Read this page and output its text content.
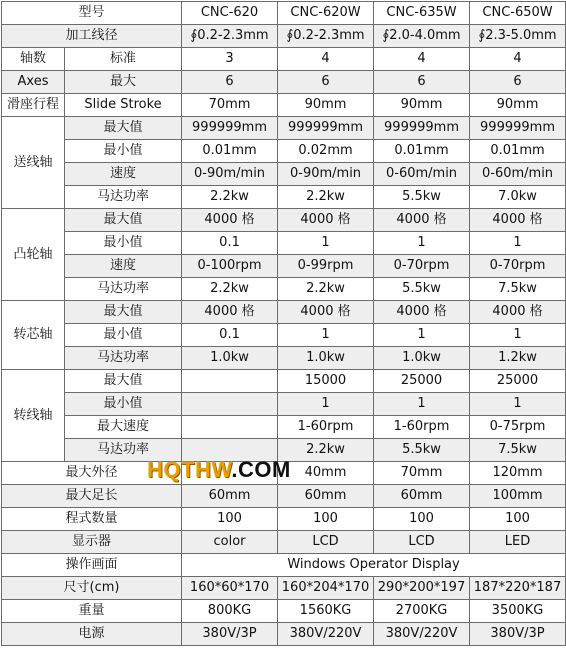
型号		CNC-620	CNC-620W	CNC-635W	CNC-650W
加工线径		∮0.2-2.3mm	∮0.2-2.3mm	∮2.0-4.0mm	∮2.3-5.0mm
轴数	标准	3	4	4	4
Axes	最大	6	6	6	6
滑座行程	Slide Stroke	70mm	90mm	90mm	90mm
送线轴	最大值	999999mm	999999mm	999999mm	999999mm
	最小值	0.01mm	0.02mm	0.01mm	0.01mm
	速度	0-90m/min	0-90m/min	0-60m/min	0-60m/min
	马达功率	2.2kw	2.2kw	5.5kw	7.0kw
凸轮轴	最大值	4000 格	4000 格	4000 格	4000 格
	最小值	0.1	1	1	1
	速度	0-100rpm	0-99rpm	0-70rpm	0-70rpm
	马达功率	2.2kw	2.2kw	5.5kw	7.5kw
转芯轴	最大值	4000 格	4000 格	4000 格	4000 格
	最小值	0.1	1	1	1
	马达功率	1.0kw	1.0kw	1.0kw	1.2kw
转线轴	最大值		15000	25000	25000
	最小值		1	1	1
	最大速度		1-60rpm	1-60rpm	0-75rpm
	马达功率		2.2kw	5.5kw	7.5kw
最大外径			40mm	70mm	120mm
最大足长		60mm	60mm	60mm	100mm
程式数量		100	100	100	100
显示器		color	LCD	LCD	LED
操作画面		Windows Operator Display			
尺寸(cm)		160*60*170	160*204*170	290*200*197	187*220*187
重量		800KG	1560KG	2700KG	3500KG
电源		380V/3P	380V/220V	380V/220V	380V/3P
HQTHW.COM
